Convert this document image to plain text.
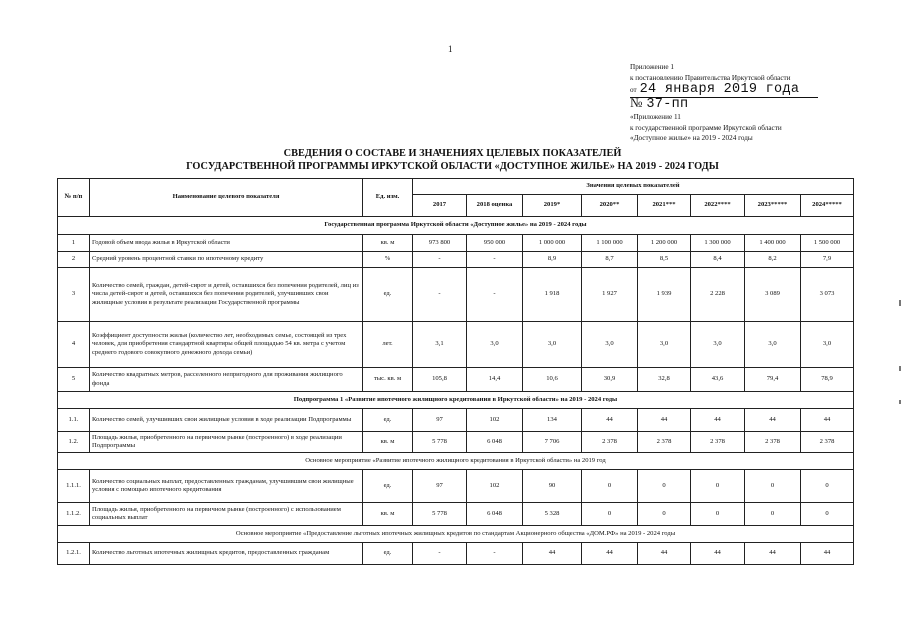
1
Приложение 1
к постановлению Правительства Иркутской области
от 24 января 2019 года
№ 37-пп
«Приложение 11
к государственной программе Иркутской области
«Доступное жилье» на 2019 - 2024 годы
СВЕДЕНИЯ О СОСТАВЕ И ЗНАЧЕНИЯХ ЦЕЛЕВЫХ ПОКАЗАТЕЛЕЙ
ГОСУДАРСТВЕННОЙ ПРОГРАММЫ ИРКУТСКОЙ ОБЛАСТИ «ДОСТУПНОЕ ЖИЛЬЕ» НА 2019 - 2024 ГОДЫ
№ п/п	Наименование целевого показателя	Ед. изм.	Значения целевых показателей							
			2017	2018 оценка	2019*	2020**	2021***	2022****	2023*****	2024*****
Государственная программа Иркутской области «Доступное жилье» на 2019 - 2024 годы										
1	Годовой объем ввода жилья в Иркутской области	кв. м	973 800	950 000	1 000 000	1 100 000	1 200 000	1 300 000	1 400 000	1 500 000
2	Средний уровень процентной ставки по ипотечному кредиту	%	-	-	8,9	8,7	8,5	8,4	8,2	7,9
3	Количество семей, граждан, детей-сирот и детей, оставшихся без попечения родителей, лиц из числа детей-сирот и детей, оставшихся без попечения родителей, улучшивших свои жилищные условия в результате реализации Государственной программы	ед.	-	-	1 918	1 927	1 939	2 228	3 089	3 073
4	Коэффициент доступности жилья (количество лет, необходимых семье, состоящей из трех человек, для приобретения стандартной квартиры общей площадью 54 кв. метра с учетом среднего годового совокупного денежного дохода семьи)	лет.	3,1	3,0	3,0	3,0	3,0	3,0	3,0	3,0
5	Количество квадратных метров, расселенного непригодного для проживания жилищного фонда	тыс. кв. м	105,8	14,4	10,6	30,9	32,8	43,6	79,4	78,9
Подпрограмма 1 «Развитие ипотечного жилищного кредитования в Иркутской области» на 2019 - 2024 годы										
1.1.	Количество семей, улучшивших свои жилищные условия в ходе реализации Подпрограммы	ед.	97	102	134	44	44	44	44	44
1.2.	Площадь жилья, приобретенного на первичном рынке (построенного) в ходе реализации Подпрограммы	кв. м	5 778	6 048	7 706	2 378	2 378	2 378	2 378	2 378
Основное мероприятие «Развитие ипотечного жилищного кредитования в Иркутской области» на 2019 год										
1.1.1.	Количество социальных выплат, предоставленных гражданам, улучшившим свои жилищные условия с помощью ипотечного кредитования	ед.	97	102	90	0	0	0	0	0
1.1.2.	Площадь жилья, приобретенного на первичном рынке (построенного) с использованием социальных выплат	кв. м	5 778	6 048	5 328	0	0	0	0	0
Основное мероприятие «Предоставление льготных ипотечных жилищных кредитов по стандартам Акционерного общества «ДОМ.РФ» на 2019 - 2024 годы										
1.2.1.	Количество льготных ипотечных жилищных кредитов, предоставленных гражданам	ед.	-	-	44	44	44	44	44	44
